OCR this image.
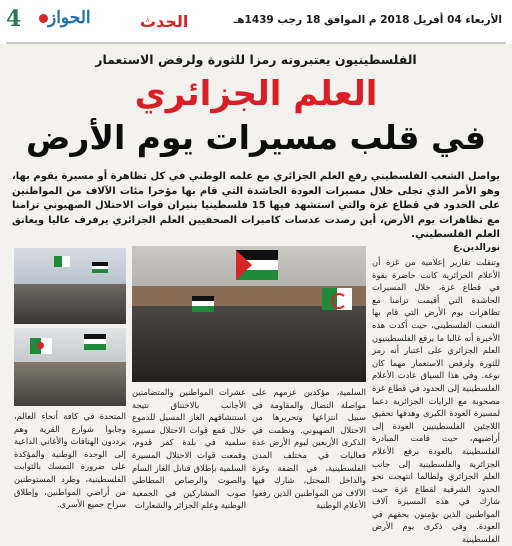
4	الحواز	الحدث	الأربعاء 04 أفريل 2018 م الموافق 18 رجب 1439هـ
الفلسطينيون يعتبرونه رمزا للثورة ولرفض الاستعمار
العلم الجزائري
في قلب مسيرات يوم الأرض
يواصل الشعب الفلسطيني رفع العلم الجزائري مع علمه الوطني في كل تظاهرة أو مسيرة يقوم بها، وهو الأمر الذي تجلى خلال مسيرات العودة الحاشدة التي قام بها مؤخرا مئات الآلاف من المواطنين على الحدود في قطاع غزة والتي استشهد فيها 15 فلسطينيا بنيران قوات الاحتلال الصهيوني تزامنا مع تظاهرات يوم الأرض، أين رصدت عدسات كاميرات الصحفيين العلم الجزائري يرفرف عاليا ويعانق العلم الفلسطيني.
نورالدين.ع
وتنقلت تقارير إعلامية من غزة أن الأعلام الجزائرية كانت حاضرة بقوة في قطاع غزة، خلال المسيرات الحاشدة التي أقيمت تزامنا مع تظاهرات يوم الأرض التي قام بها الشعب الفلسطيني، حيث أكدت هذه الأخيرة أنه غالبا ما يرفع الفلسطينيون العلم الجزائري على اعتبار أنه رمز للثورة ولرفض الاستعمار مهما كان نوعه. وفي هذا السياق عادت الأعلام الفلسطينية إلى الحدود في قطاع غزة مصحوبة مع الرايات الجزائرية دعما لمسيرة العودة الكبرى وهدفها تحقيق اللاجئين الفلسطينيين العودة إلى أراضيهم، حيث قامت المبادرة الفلسطينية بالعودة برفع الأعلام الجزائرية والفلسطينية إلى جانب العلم الجزائري ولطالما انتهجت نحو الحدود الشرقية لقطاع غزة حيث شارك في هذه المسيرة آلاف المواطنين الذين يؤمنون بحقهم في العودة. وفي ذكرى يوم الأرض الفلسطينية
السلمية، مؤكدين عزمهم على مواصلة النضال والمقاومة في سبيل انتزاعها وتحريرها من الاحتلال الصهيوني. ونظمت في الذكرى الأربعين ليوم الأرض عدة فعاليات في مختلف المدن الفلسطينية، في الضفة وغزة والداخل المحتل، شارك فيها الآلاف من المواطنين الذين رفعوا الأعلام الوطنية
عشرات المواطنين والمتضامنين الأجانب بالاختناق نتيجة استنشاقهم الغاز المسيل للدموع خلال قمع قوات الاحتلال مسيرة سلمية في بلدة كفر قدوم، وقمعت قوات الاحتلال المسيرة السلمية بإطلاق قنابل الغاز السام والصوت والرصاص المطاطي صوب المشاركين في الجمعية الوطنية وعلم الجزائر والشعارات
المتحدة في كافة أنحاء العالم، وجابوا شوارع القرية وهم يرددون الهتافات والأغاني الداعية إلى الوحدة الوطنية والمؤكدة على ضرورة التمسك بالثوابت الفلسطينية، وطرد المستوطنين من أراضي المواطنين، وإطلاق سراح جميع الأسرى.
